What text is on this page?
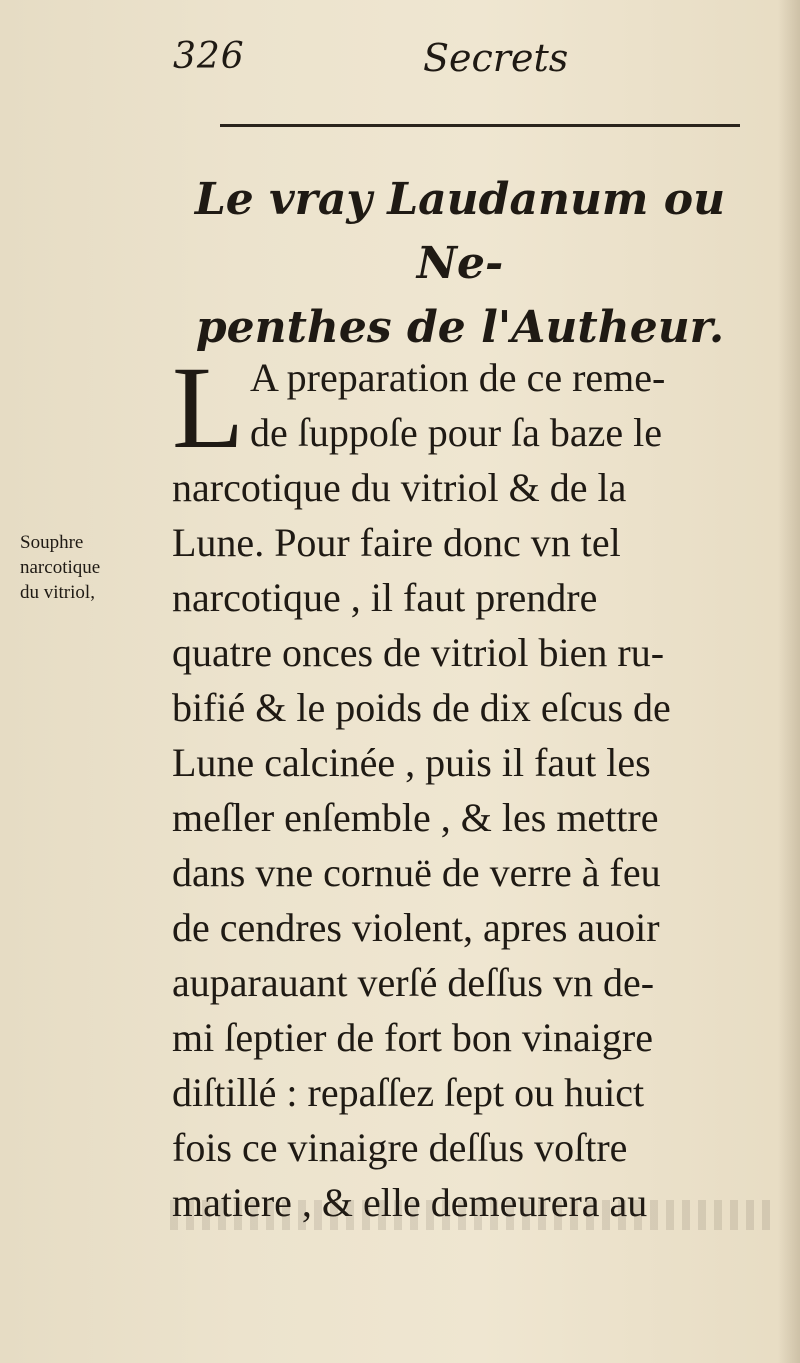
326	Secrets
Le vray Laudanum ou Ne-
penthes de l'Autheur.
Souphre
narcotique
du vitriol,
L A preparation de ce reme-
de ſuppoſe pour ſa baze le
narcotique du vitriol & de la
Lune. Pour faire donc vn tel
narcotique , il faut prendre
quatre onces de vitriol bien ru-
bifié & le poids de dix eſcus de
Lune calcinée , puis il faut les
meſler enſemble , & les mettre
dans vne cornuë de verre à feu
de cendres violent, apres auoir
auparauant verſé deſſus vn de-
mi ſeptier de fort bon vinaigre
diſtillé : repaſſez ſept ou huict
fois ce vinaigre deſſus voſtre
matiere , & elle demeurera au
